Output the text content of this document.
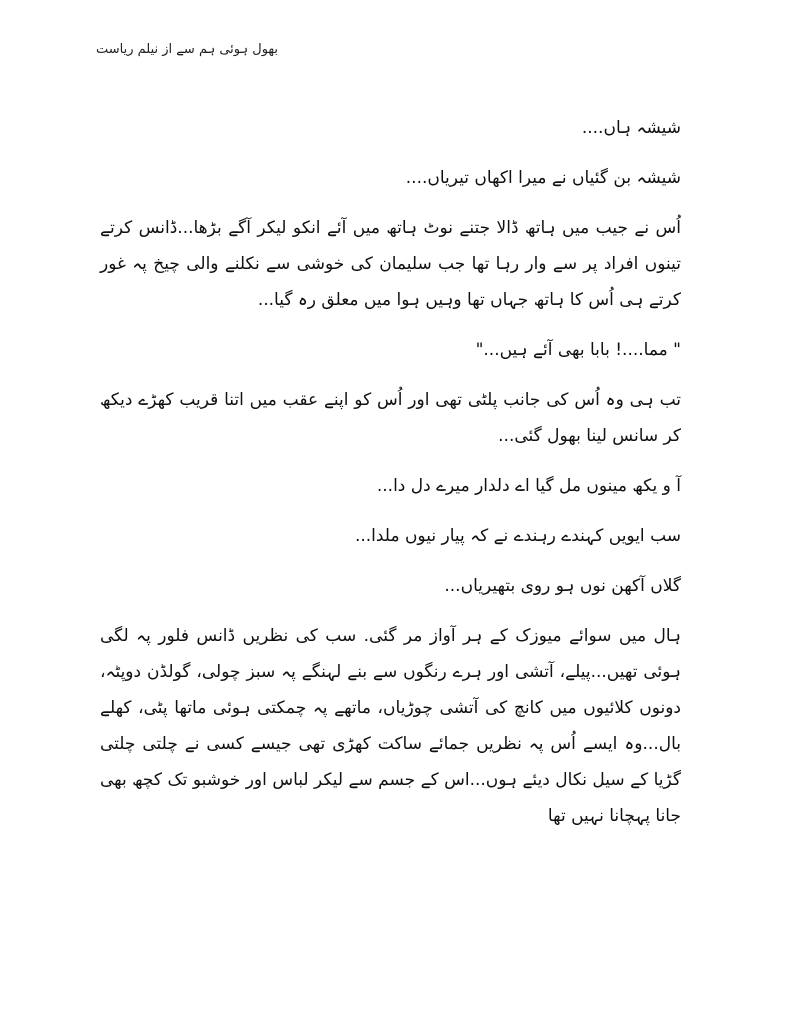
بھول ہوئی ہم سے از نیلم ریاست

شیشہ ہاں....

شیشہ بن گئیاں نے میرا اکھاں تیریاں....

اُس نے جیب میں ہاتھ ڈالا جتنے نوٹ ہاتھ میں آئے انکو لیکر آگے بڑھا...ڈانس کرتے تینوں افراد پر سے وار رہا تھا جب سلیمان کی خوشی سے نکلنے والی چیخ پہ غور کرتے ہی اُس کا ہاتھ جہاں تھا وہیں ہوا میں معلق رہ گیا...

" مما....! بابا بھی آئے ہیں..."

تب ہی وہ اُس کی جانب پلٹی تھی اور اُس کو اپنے عقب میں اتنا قریب کھڑے دیکھ کر سانس لینا بھول گئی...

آ و یکھ مینوں مل گیا اے دلدار میرے دل دا...

سب ایویں کہندے رہندے نے کہ پیار نیوں ملدا...

گلاں آکھن نوں ہو روی بتھیریاں...

ہال میں سوائے میوزک کے ہر آواز مر گئی. سب کی نظریں ڈانس فلور پہ لگی ہوئی تھیں...پیلے، آتشی اور ہرے رنگوں سے بنے لہنگے پہ سبز چولی، گولڈن دوپٹہ، دونوں کلائیوں میں کانچ کی آتشی چوڑیاں، ماتھے پہ چمکتی ہوئی ماتھا پٹی، کھلے بال...وہ ایسے اُس پہ نظریں جمائے ساکت کھڑی تھی جیسے کسی نے چلتی چلتی گڑیا کے سیل نکال دیئے ہوں...اس کے جسم سے لیکر لباس اور خوشبو تک کچھ بھی جانا پہچانا نہیں تھا
